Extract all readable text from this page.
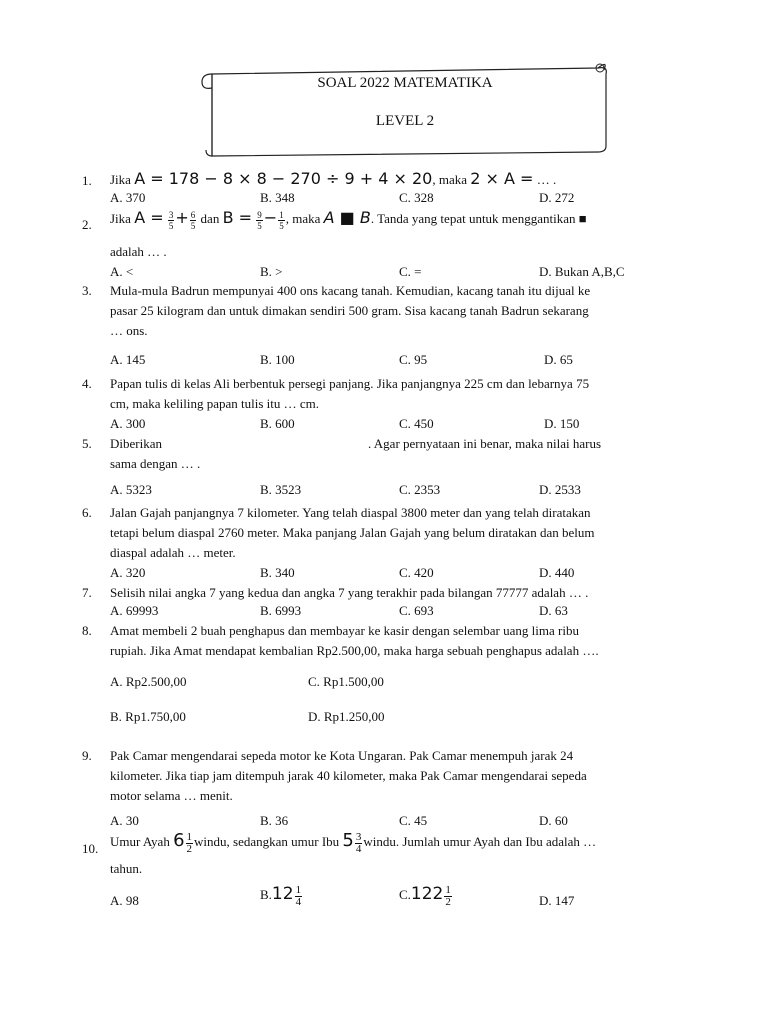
SOAL 2022 MATEMATIKA
LEVEL 2
1. Jika A = 178 − 8 × 8 − 270 ÷ 9 + 4 × 20, maka 2 × A = … .
A. 370	B. 348	C. 328	D. 272
2. Jika $A = \frac{3}{5} + \frac{6}{5}$ dan $B = \frac{9}{5} - \frac{1}{5}$ , maka A ■ B. Tanda yang tepat untuk menggantikan ■
adalah … .
A. <	B. >	C. =	D. Bukan A,B,C
3. Mula-mula Badrun mempunyai 400 ons kacang tanah. Kemudian, kacang tanah itu dijual ke
pasar 25 kilogram dan untuk dimakan sendiri 500 gram. Sisa kacang tanah Badrun sekarang
… ons.
A. 145	B. 100	C. 95	D. 65
4. Papan tulis di kelas Ali berbentuk persegi panjang. Jika panjangnya 225 cm dan lebarnya 75
cm, maka keliling papan tulis itu … cm.
A. 300	B. 600	C. 450	D. 150
5. Diberikan	. Agar pernyataan ini benar, maka nilai harus
sama dengan … .
A. 5323	B. 3523	C. 2353	D. 2533
6. Jalan Gajah panjangnya 7 kilometer. Yang telah diaspal 3800 meter dan yang telah diratakan
tetapi belum diaspal 2760 meter. Maka panjang Jalan Gajah yang belum diratakan dan belum
diaspal adalah … meter.
A. 320	B. 340	C. 420	D. 440
7. Selisih nilai angka 7 yang kedua dan angka 7 yang terakhir pada bilangan 77777 adalah … .
A. 69993	B. 6993	C. 693	D. 63
8. Amat membeli 2 buah penghapus dan membayar ke kasir dengan selembar uang lima ribu
rupiah. Jika Amat mendapat kembalian Rp2.500,00, maka harga sebuah penghapus adalah ….
A. Rp2.500,00	C. Rp1.500,00
B. Rp1.750,00	D. Rp1.250,00
9. Pak Camar mengendarai sepeda motor ke Kota Ungaran. Pak Camar menempuh jarak 24
kilometer. Jika tiap jam ditempuh jarak 40 kilometer, maka Pak Camar mengendarai sepeda
motor selama … menit.
A. 30	B. 36	C. 45	D. 60
10. Umur Ayah $6 \frac{1}{2}$ windu, sedangkan umur Ibu $5 \frac{3}{4}$ windu. Jumlah umur Ayah dan Ibu adalah …
tahun.
A. 98	$B.12 \frac{1}{4}$	$C.122 \frac{1}{2}$	D. 147
